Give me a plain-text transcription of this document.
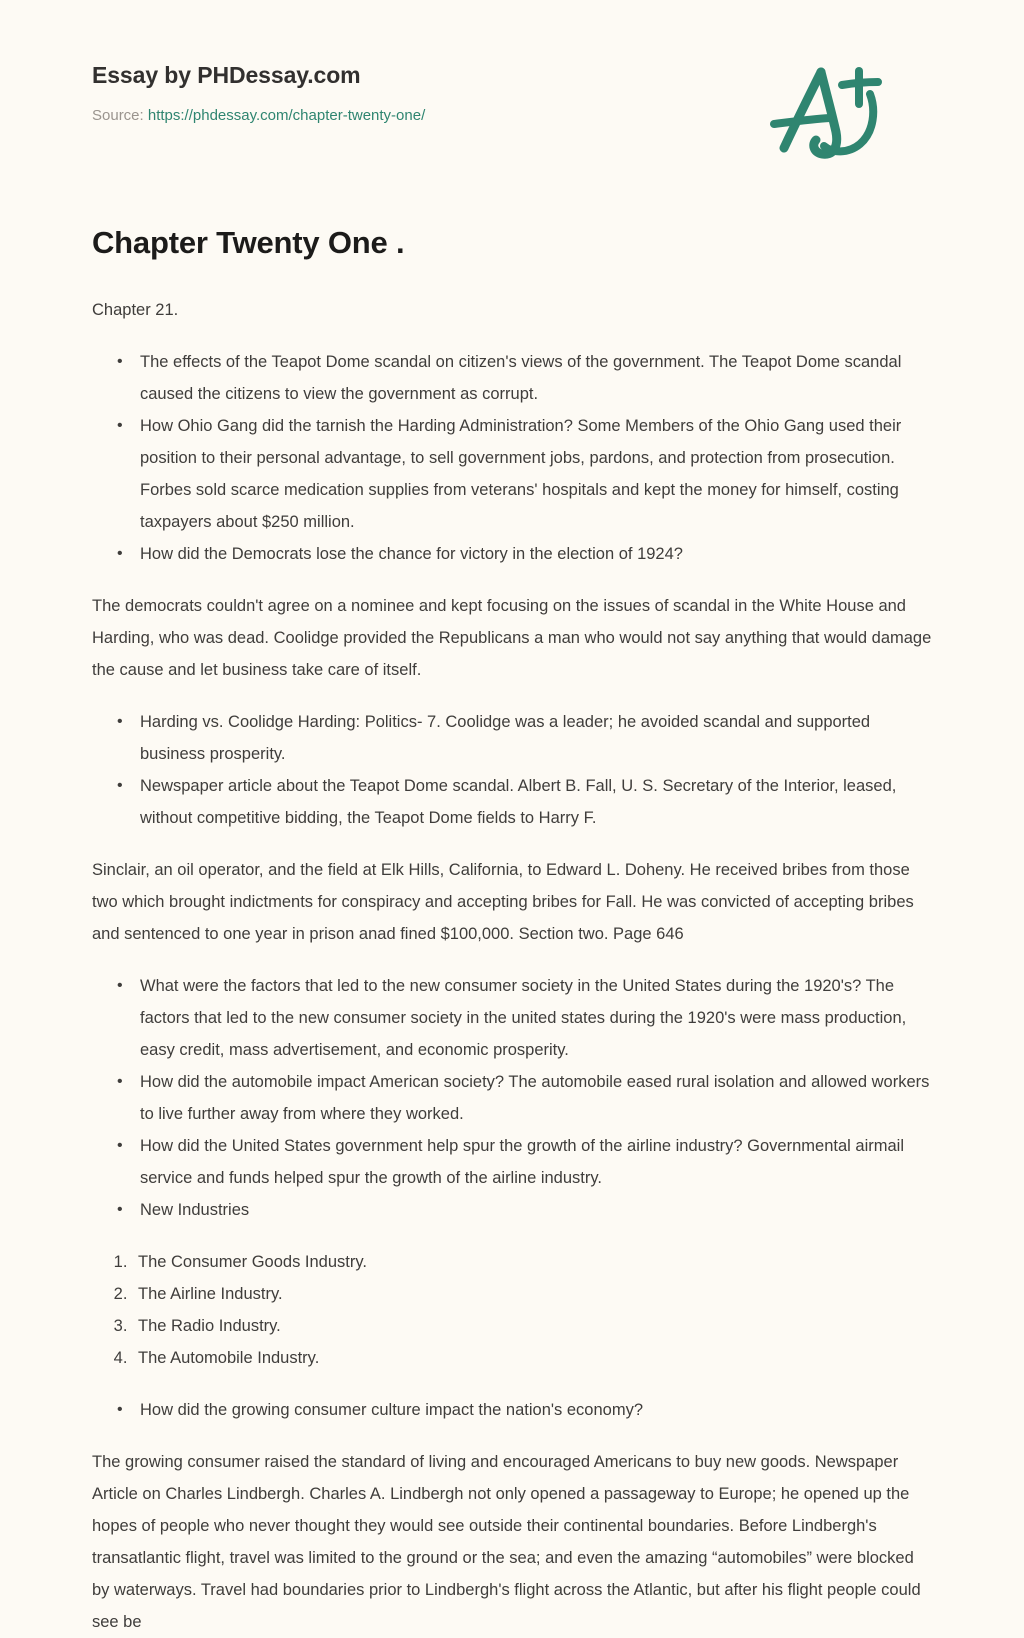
Essay by PHDessay.com
Source: https://phdessay.com/chapter-twenty-one/
Chapter Twenty One .

Chapter 21.

• The effects of the Teapot Dome scandal on citizen's views of the government. The Teapot Dome scandal caused the citizens to view the government as corrupt.
• How Ohio Gang did the tarnish the Harding Administration? Some Members of the Ohio Gang used their position to their personal advantage, to sell government jobs, pardons, and protection from prosecution. Forbes sold scarce medication supplies from veterans' hospitals and kept the money for himself, costing taxpayers about $250 million.
• How did the Democrats lose the chance for victory in the election of 1924?

The democrats couldn't agree on a nominee and kept focusing on the issues of scandal in the White House and Harding, who was dead. Coolidge provided the Republicans a man who would not say anything that would damage the cause and let business take care of itself.

• Harding vs. Coolidge Harding: Politics- 7. Coolidge was a leader; he avoided scandal and supported business prosperity.
• Newspaper article about the Teapot Dome scandal. Albert B. Fall, U. S. Secretary of the Interior, leased, without competitive bidding, the Teapot Dome fields to Harry F.

Sinclair, an oil operator, and the field at Elk Hills, California, to Edward L. Doheny. He received bribes from those two which brought indictments for conspiracy and accepting bribes for Fall. He was convicted of accepting bribes and sentenced to one year in prison anad fined $100,000. Section two. Page 646

• What were the factors that led to the new consumer society in the United States during the 1920's? The factors that led to the new consumer society in the united states during the 1920's were mass production, easy credit, mass advertisement, and economic prosperity.
• How did the automobile impact American society? The automobile eased rural isolation and allowed workers to live further away from where they worked.
• How did the United States government help spur the growth of the airline industry? Governmental airmail service and funds helped spur the growth of the airline industry.
• New Industries
1. The Consumer Goods Industry.
2. The Airline Industry.
3. The Radio Industry.
4. The Automobile Industry.
• How did the growing consumer culture impact the nation's economy?

The growing consumer raised the standard of living and encouraged Americans to buy new goods. Newspaper Article on Charles Lindbergh. Charles A. Lindbergh not only opened a passageway to Europe; he opened up the hopes of people who never thought they would see outside their continental boundaries. Before Lindbergh's transatlantic flight, travel was limited to the ground or the sea; and even the amazing “automobiles” were blocked by waterways. Travel had boundaries prior to Lindbergh's flight across the Atlantic, but after his flight people could see be
